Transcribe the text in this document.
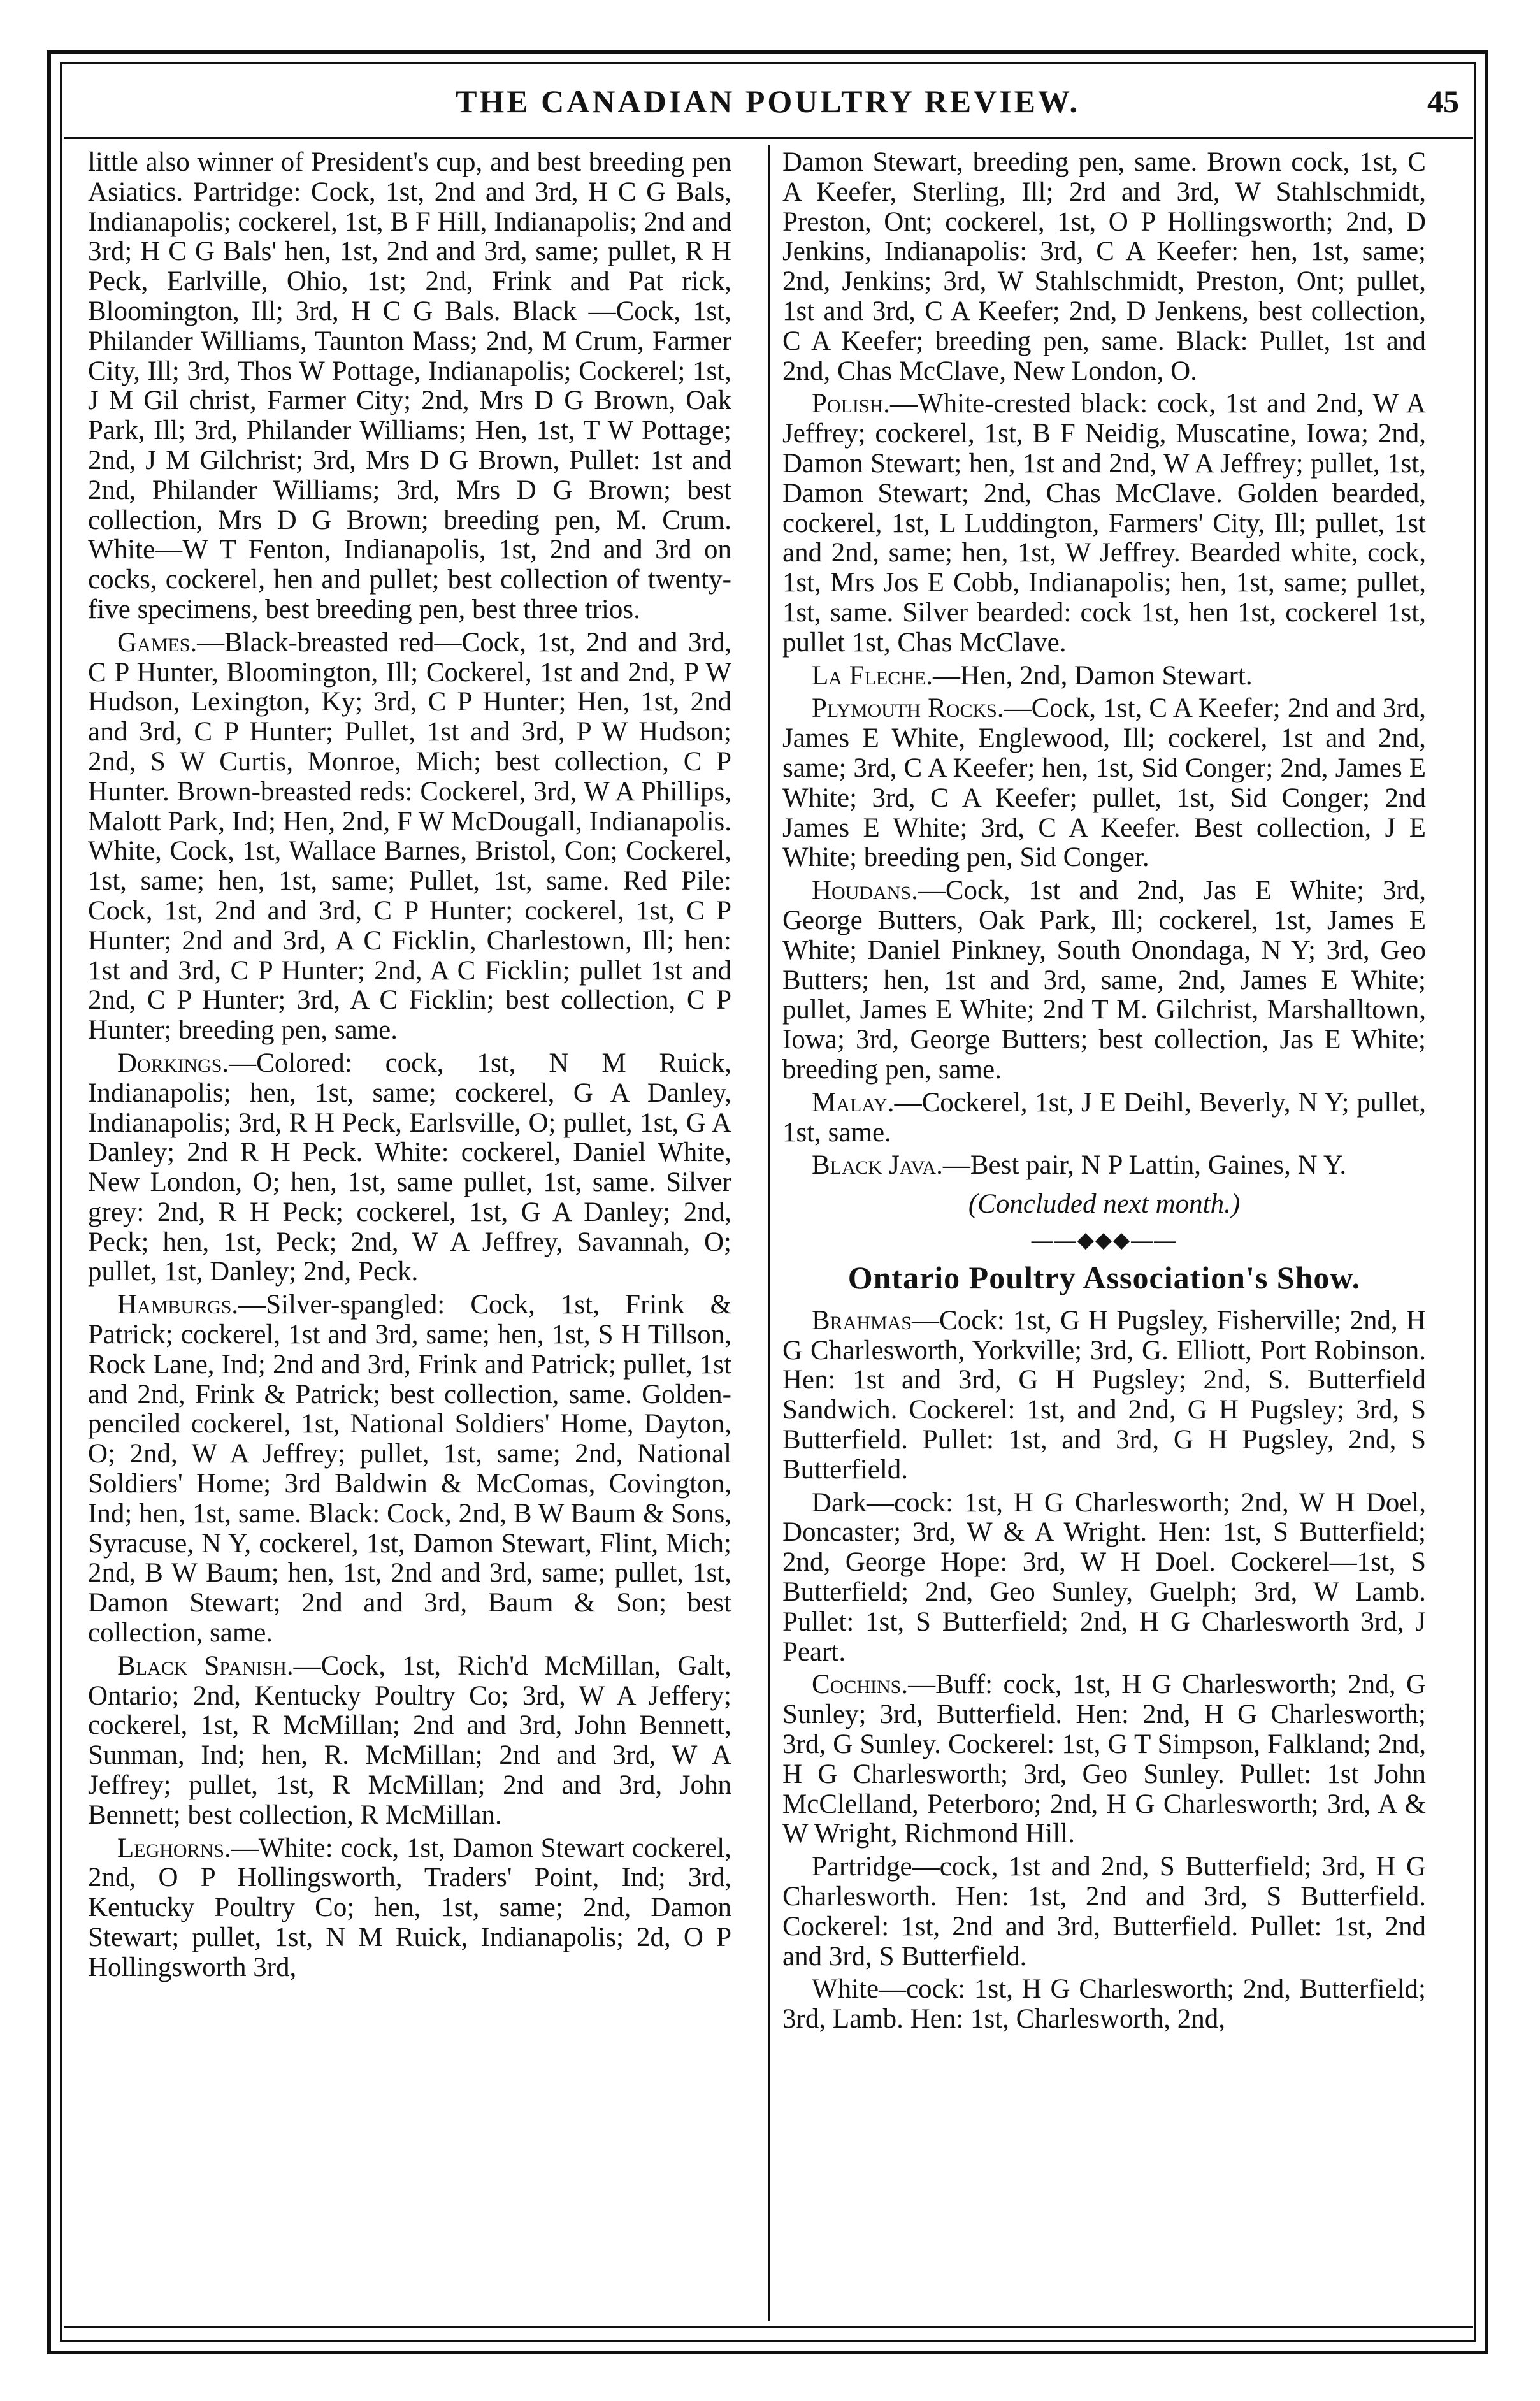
THE CANADIAN POULTRY REVIEW.	45

little also winner of President's cup, and best breeding pen Asiatics. Partridge: Cock, 1st, 2nd and 3rd, H C G Bals, Indianapolis; cockerel, 1st, B F Hill, Indianapolis; 2nd and 3rd; H C G Bals' hen, 1st, 2nd and 3rd, same; pullet, R H Peck, Earlville, Ohio, 1st; 2nd, Frink and Pat rick, Bloomington, Ill; 3rd, H C G Bals. Black —Cock, 1st, Philander Williams, Taunton Mass; 2nd, M Crum, Farmer City, Ill; 3rd, Thos W Pottage, Indianapolis; Cockerel; 1st, J M Gil christ, Farmer City; 2nd, Mrs D G Brown, Oak Park, Ill; 3rd, Philander Williams; Hen, 1st, T W Pottage; 2nd, J M Gilchrist; 3rd, Mrs D G Brown, Pullet: 1st and 2nd, Philander Williams; 3rd, Mrs D G Brown; best collection, Mrs D G Brown; breeding pen, M. Crum. White—W T Fenton, Indianapolis, 1st, 2nd and 3rd on cocks, cockerel, hen and pullet; best collection of twenty-five specimens, best breeding pen, best three trios.

Games.—Black-breasted red—Cock, 1st, 2nd and 3rd, C P Hunter, Bloomington, Ill; Cockerel, 1st and 2nd, P W Hudson, Lexington, Ky; 3rd, C P Hunter; Hen, 1st, 2nd and 3rd, C P Hunter; Pullet, 1st and 3rd, P W Hudson; 2nd, S W Curtis, Monroe, Mich; best collection, C P Hunter. Brown-breasted reds: Cockerel, 3rd, W A Phillips, Malott Park, Ind; Hen, 2nd, F W McDougall, Indianapolis. White, Cock, 1st, Wallace Barnes, Bristol, Con; Cockerel, 1st, same; hen, 1st, same; Pullet, 1st, same. Red Pile: Cock, 1st, 2nd and 3rd, C P Hunter; cockerel, 1st, C P Hunter; 2nd and 3rd, A C Ficklin, Charlestown, Ill; hen: 1st and 3rd, C P Hunter; 2nd, A C Ficklin; pullet 1st and 2nd, C P Hunter; 3rd, A C Ficklin; best collection, C P Hunter; breeding pen, same.

Dorkings.—Colored: cock, 1st, N M Ruick, Indianapolis; hen, 1st, same; cockerel, G A Danley, Indianapolis; 3rd, R H Peck, Earlsville, O; pullet, 1st, G A Danley; 2nd R H Peck. White: cockerel, Daniel White, New London, O; hen, 1st, same pullet, 1st, same. Silver grey: 2nd, R H Peck; cockerel, 1st, G A Danley; 2nd, Peck; hen, 1st, Peck; 2nd, W A Jeffrey, Savannah, O; pullet, 1st, Danley; 2nd, Peck.

Hamburgs.—Silver-spangled: Cock, 1st, Frink & Patrick; cockerel, 1st and 3rd, same; hen, 1st, S H Tillson, Rock Lane, Ind; 2nd and 3rd, Frink and Patrick; pullet, 1st and 2nd, Frink & Patrick; best collection, same. Golden-penciled cockerel, 1st, National Soldiers' Home, Dayton, O; 2nd, W A Jeffrey; pullet, 1st, same; 2nd, National Soldiers' Home; 3rd Baldwin & McComas, Covington, Ind; hen, 1st, same. Black: Cock, 2nd, B W Baum & Sons, Syracuse, N Y, cockerel, 1st, Damon Stewart, Flint, Mich; 2nd, B W Baum; hen, 1st, 2nd and 3rd, same; pullet, 1st, Damon Stewart; 2nd and 3rd, Baum & Son; best collection, same.

Black Spanish.—Cock, 1st, Rich'd McMillan, Galt, Ontario; 2nd, Kentucky Poultry Co; 3rd, W A Jeffery; cockerel, 1st, R McMillan; 2nd and 3rd, John Bennett, Sunman, Ind; hen, R. McMillan; 2nd and 3rd, W A Jeffrey; pullet, 1st, R McMillan; 2nd and 3rd, John Bennett; best collection, R McMillan.

Leghorns.—White: cock, 1st, Damon Stewart cockerel, 2nd, O P Hollingsworth, Traders' Point, Ind; 3rd, Kentucky Poultry Co; hen, 1st, same; 2nd, Damon Stewart; pullet, 1st, N M Ruick, Indianapolis; 2d, O P Hollingsworth 3rd,

Damon Stewart, breeding pen, same. Brown cock, 1st, C A Keefer, Sterling, Ill; 2rd and 3rd, W Stahlschmidt, Preston, Ont; cockerel, 1st, O P Hollingsworth; 2nd, D Jenkins, Indianapolis: 3rd, C A Keefer: hen, 1st, same; 2nd, Jenkins; 3rd, W Stahlschmidt, Preston, Ont; pullet, 1st and 3rd, C A Keefer; 2nd, D Jenkens, best collection, C A Keefer; breeding pen, same. Black: Pullet, 1st and 2nd, Chas McClave, New London, O.

Polish.—White-crested black: cock, 1st and 2nd, W A Jeffrey; cockerel, 1st, B F Neidig, Muscatine, Iowa; 2nd, Damon Stewart; hen, 1st and 2nd, W A Jeffrey; pullet, 1st, Damon Stewart; 2nd, Chas McClave. Golden bearded, cockerel, 1st, L Luddington, Farmers' City, Ill; pullet, 1st and 2nd, same; hen, 1st, W Jeffrey. Bearded white, cock, 1st, Mrs Jos E Cobb, Indianapolis; hen, 1st, same; pullet, 1st, same. Silver bearded: cock 1st, hen 1st, cockerel 1st, pullet 1st, Chas McClave.

La Fleche.—Hen, 2nd, Damon Stewart.

Plymouth Rocks.—Cock, 1st, C A Keefer; 2nd and 3rd, James E White, Englewood, Ill; cockerel, 1st and 2nd, same; 3rd, C A Keefer; hen, 1st, Sid Conger; 2nd, James E White; 3rd, C A Keefer; pullet, 1st, Sid Conger; 2nd James E White; 3rd, C A Keefer. Best collection, J E White; breeding pen, Sid Conger.

Houdans.—Cock, 1st and 2nd, Jas E White; 3rd, George Butters, Oak Park, Ill; cockerel, 1st, James E White; Daniel Pinkney, South Onondaga, N Y; 3rd, Geo Butters; hen, 1st and 3rd, same, 2nd, James E White; pullet, James E White; 2nd T M. Gilchrist, Marshalltown, Iowa; 3rd, George Butters; best collection, Jas E White; breeding pen, same.

Malay.—Cockerel, 1st, J E Deihl, Beverly, N Y; pullet, 1st, same.

Black Java.—Best pair, N P Lattin, Gaines, N Y.

(Concluded next month.)
——◆◆◆——
Ontario Poultry Association's Show.

Brahmas—Cock: 1st, G H Pugsley, Fisherville; 2nd, H G Charlesworth, Yorkville; 3rd, G. Elliott, Port Robinson. Hen: 1st and 3rd, G H Pugsley; 2nd, S. Butterfield Sandwich. Cockerel: 1st, and 2nd, G H Pugsley; 3rd, S Butterfield. Pullet: 1st, and 3rd, G H Pugsley, 2nd, S Butterfield.

Dark—cock: 1st, H G Charlesworth; 2nd, W H Doel, Doncaster; 3rd, W & A Wright. Hen: 1st, S Butterfield; 2nd, George Hope: 3rd, W H Doel. Cockerel—1st, S Butterfield; 2nd, Geo Sunley, Guelph; 3rd, W Lamb. Pullet: 1st, S Butterfield; 2nd, H G Charlesworth 3rd, J Peart.

Cochins.—Buff: cock, 1st, H G Charlesworth; 2nd, G Sunley; 3rd, Butterfield. Hen: 2nd, H G Charlesworth; 3rd, G Sunley. Cockerel: 1st, G T Simpson, Falkland; 2nd, H G Charlesworth; 3rd, Geo Sunley. Pullet: 1st John McClelland, Peterboro; 2nd, H G Charlesworth; 3rd, A & W Wright, Richmond Hill.

Partridge—cock, 1st and 2nd, S Butterfield; 3rd, H G Charlesworth. Hen: 1st, 2nd and 3rd, S Butterfield. Cockerel: 1st, 2nd and 3rd, Butterfield. Pullet: 1st, 2nd and 3rd, S Butterfield.

White—cock: 1st, H G Charlesworth; 2nd, Butterfield; 3rd, Lamb. Hen: 1st, Charlesworth, 2nd,
